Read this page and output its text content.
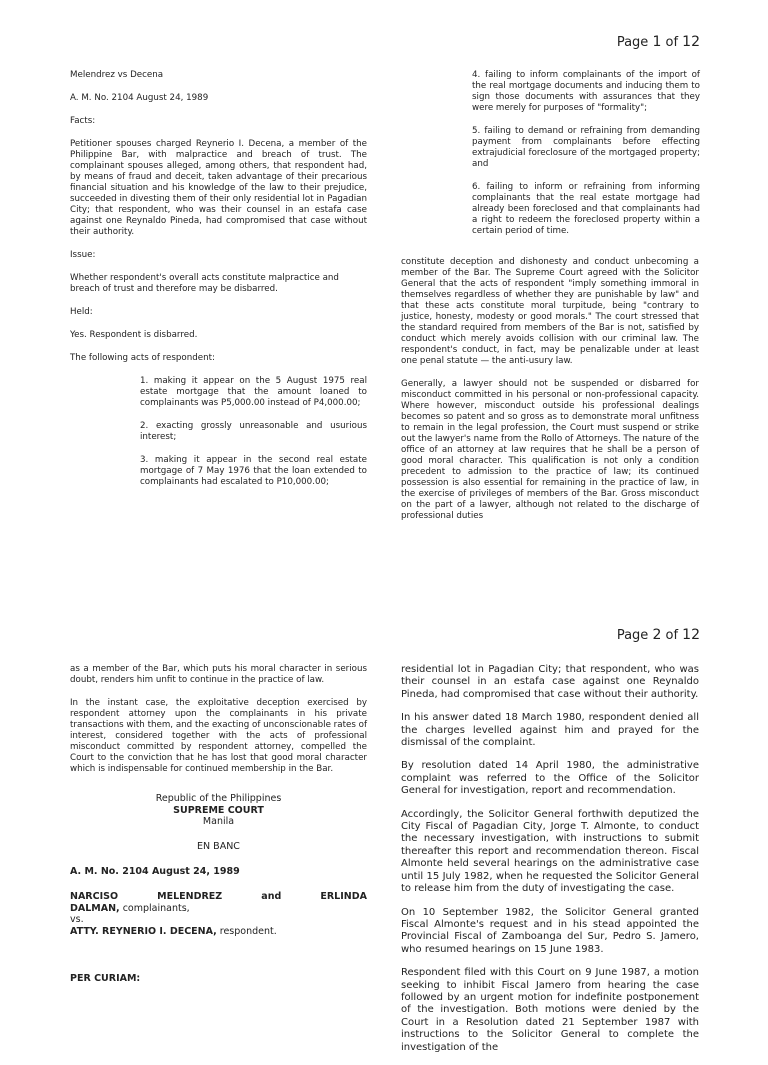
Page 1 of 12

Melendrez vs Decena

A. M. No. 2104 August 24, 1989

Facts:

Petitioner spouses charged Reynerio I. Decena, a member of the Philippine Bar, with malpractice and breach of trust. The complainant spouses alleged, among others, that respondent had, by means of fraud and deceit, taken advantage of their precarious financial situation and his knowledge of the law to their prejudice, succeeded in divesting them of their only residential lot in Pagadian City; that respondent, who was their counsel in an estafa case against one Reynaldo Pineda, had compromised that case without their authority.

Issue:

Whether respondent's overall acts constitute malpractice and breach of trust and therefore may be disbarred.

Held:

Yes. Respondent is disbarred.

The following acts of respondent:

1. making it appear on the 5 August 1975 real estate mortgage that the amount loaned to complainants was P5,000.00 instead of P4,000.00;

2. exacting grossly unreasonable and usurious interest;

3. making it appear in the second real estate mortgage of 7 May 1976 that the loan extended to complainants had escalated to P10,000.00;

4. failing to inform complainants of the import of the real mortgage documents and inducing them to sign those documents with assurances that they were merely for purposes of "formality";

5. failing to demand or refraining from demanding payment from complainants before effecting extrajudicial foreclosure of the mortgaged property; and

6. failing to inform or refraining from informing complainants that the real estate mortgage had already been foreclosed and that complainants had a right to redeem the foreclosed property within a certain period of time.

constitute deception and dishonesty and conduct unbecoming a member of the Bar. The Supreme Court agreed with the Solicitor General that the acts of respondent "imply something immoral in themselves regardless of whether they are punishable by law" and that these acts constitute moral turpitude, being "contrary to justice, honesty, modesty or good morals." The court stressed that the standard required from members of the Bar is not, satisfied by conduct which merely avoids collision with our criminal law. The respondent's conduct, in fact, may be penalizable under at least one penal statute — the anti-usury law.

Generally, a lawyer should not be suspended or disbarred for misconduct committed in his personal or non-professional capacity. Where however, misconduct outside his professional dealings becomes so patent and so gross as to demonstrate moral unfitness to remain in the legal profession, the Court must suspend or strike out the lawyer's name from the Rollo of Attorneys. The nature of the office of an attorney at law requires that he shall be a person of good moral character. This qualification is not only a condition precedent to admission to the practice of law; its continued possession is also essential for remaining in the practice of law, in the exercise of privileges of members of the Bar. Gross misconduct on the part of a lawyer, although not related to the discharge of professional duties

Page 2 of 12

as a member of the Bar, which puts his moral character in serious doubt, renders him unfit to continue in the practice of law.

In the instant case, the exploitative deception exercised by respondent attorney upon the complainants in his private transactions with them, and the exacting of unconscionable rates of interest, considered together with the acts of professional misconduct committed by respondent attorney, compelled the Court to the conviction that he has lost that good moral character which is indispensable for continued membership in the Bar.

Republic of the Philippines
SUPREME COURT
Manila
EN BANC

A. M. No. 2104 August 24, 1989

NARCISO	MELENDREZ	and	ERLINDA
DALMAN, complainants,
vs.
ATTY. REYNERIO I. DECENA, respondent.

PER CURIAM:

residential lot in Pagadian City; that respondent, who was their counsel in an estafa case against one Reynaldo Pineda, had compromised that case without their authority.

In his answer dated 18 March 1980, respondent denied all the charges levelled against him and prayed for the dismissal of the complaint.

By resolution dated 14 April 1980, the administrative complaint was referred to the Office of the Solicitor General for investigation, report and recommendation.

Accordingly, the Solicitor General forthwith deputized the City Fiscal of Pagadian City, Jorge T. Almonte, to conduct the necessary investigation, with instructions to submit thereafter this report and recommendation thereon. Fiscal Almonte held several hearings on the administrative case until 15 July 1982, when he requested the Solicitor General to release him from the duty of investigating the case.

On 10 September 1982, the Solicitor General granted Fiscal Almonte's request and in his stead appointed the Provincial Fiscal of Zamboanga del Sur, Pedro S. Jamero, who resumed hearings on 15 June 1983.

Respondent filed with this Court on 9 June 1987, a motion seeking to inhibit Fiscal Jamero from hearing the case followed by an urgent motion for indefinite postponement of the investigation. Both motions were denied by the Court in a Resolution dated 21 September 1987 with instructions to the Solicitor General to complete the investigation of the
